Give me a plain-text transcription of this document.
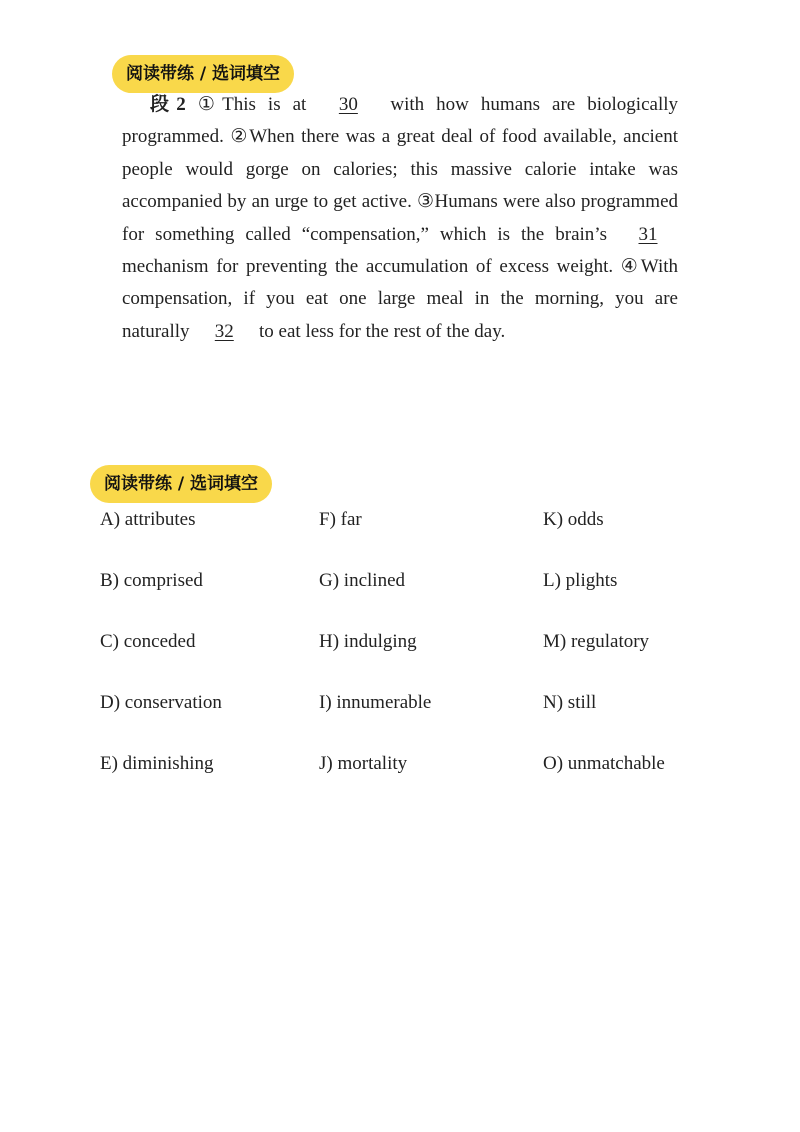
阅读带练 / 选词填空
段2 ①This is at 30 with how humans are biologically programmed. ②When there was a great deal of food available, ancient people would gorge on calories; this massive calorie intake was accompanied by an urge to get active. ③Humans were also programmed for something called “compensation,” which is the brain’s 31 mechanism for preventing the accumulation of excess weight. ④With compensation, if you eat one large meal in the morning, you are naturally 32 to eat less for the rest of the day.
阅读带练 / 选词填空
A) attributes
B) comprised
C) conceded
D) conservation
E) diminishing
F) far
G) inclined
H) indulging
I) innumerable
J) mortality
K) odds
L) plights
M) regulatory
N) still
O) unmatchable
